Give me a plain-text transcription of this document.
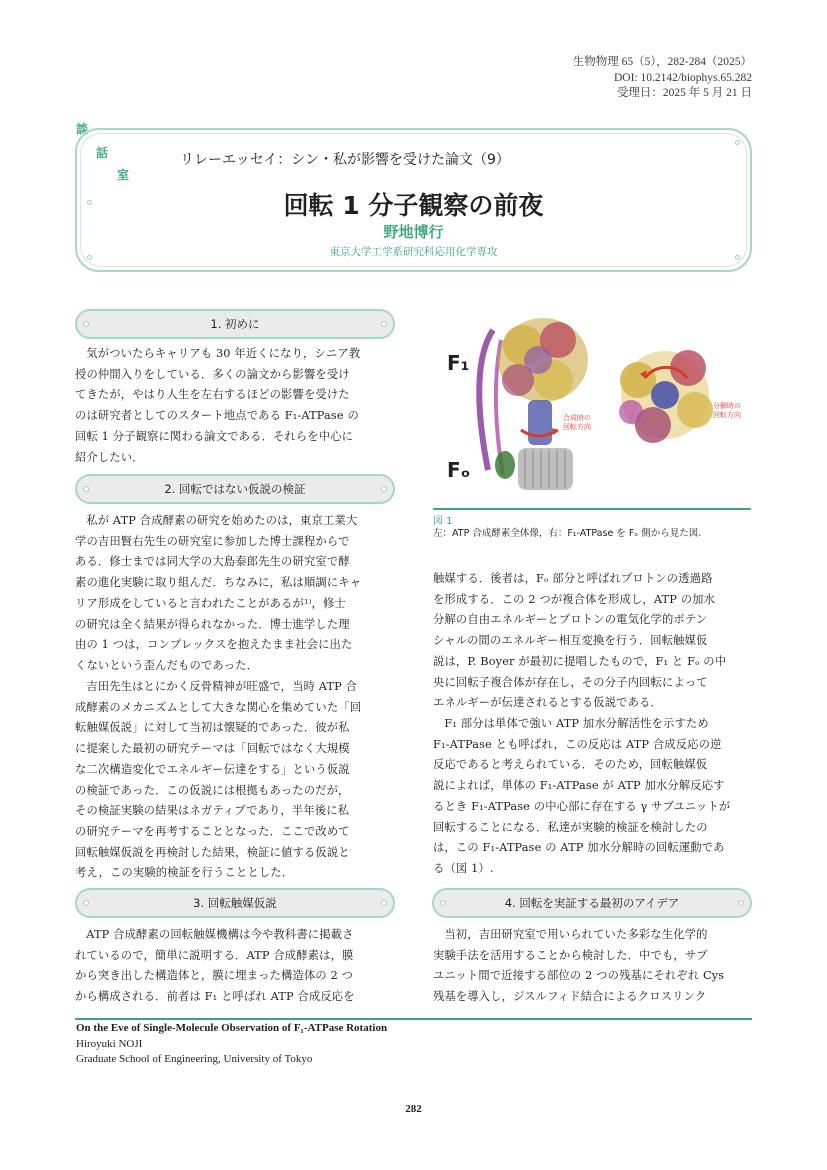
生物物理 65（5），282-284（2025）
DOI: 10.2142/biophys.65.282
受理日：2025 年 5 月 21 日
談
話
室
リレーエッセイ：シン・私が影響を受けた論文（9）
回転 1 分子観察の前夜
野地博行
東京大学工学系研究科応用化学専攻
1. 初めに
気がついたらキャリアも 30 年近くになり，シニア教
授の仲間入りをしている．多くの論文から影響を受け
てきたが，やはり人生を左右するほどの影響を受けた
のは研究者としてのスタート地点である F₁-ATPase の
回転 1 分子観察に関わる論文である．それらを中心に
紹介したい．
2. 回転ではない仮説の検証
私が ATP 合成酵素の研究を始めたのは，東京工業大
学の吉田賢右先生の研究室に参加した博士課程からで
ある．修士までは同大学の大島泰郎先生の研究室で酵
素の進化実験に取り組んだ．ちなみに，私は順調にキャ
リア形成をしていると言われたことがあるが¹⁾，修士
の研究は全く結果が得られなかった．博士進学した理
由の 1 つは，コンプレックスを抱えたまま社会に出た
くないという歪んだものであった．
吉田先生はとにかく反骨精神が旺盛で，当時 ATP 合
成酵素のメカニズムとして大きな関心を集めていた「回
転触媒仮説」に対して当初は懐疑的であった．彼が私
に提案した最初の研究テーマは「回転ではなく大規模
な二次構造変化でエネルギー伝達をする」という仮説
の検証であった．この仮説には根拠もあったのだが，
その検証実験の結果はネガティブであり，半年後に私
の研究テーマを再考することとなった．ここで改めて
回転触媒仮説を再検討した結果，検証に値する仮説と
考え，この実験的検証を行うこととした．
3. 回転触媒仮説
ATP 合成酵素の回転触媒機構は今や教科書に掲載さ
れているので，簡単に説明する．ATP 合成酵素は，膜
から突き出した構造体と，膜に埋まった構造体の 2 つ
から構成される．前者は F₁ と呼ばれ ATP 合成反応を
F₁
Fₒ
合成時の
回転方向
分解時の
回転方向
図 1
左：ATP 合成酵素全体像，右：F₁-ATPase を Fₒ 側から見た図.
触媒する．後者は，Fₒ 部分と呼ばれプロトンの透過路
を形成する．この 2 つが複合体を形成し，ATP の加水
分解の自由エネルギーとプロトンの電気化学的ポテン
シャルの間のエネルギー相互変換を行う．回転触媒仮
説は，P. Boyer が最初に提唱したもので，F₁ と Fₒ の中
央に回転子複合体が存在し，その分子内回転によって
エネルギーが伝達されるとする仮説である．
F₁ 部分は単体で強い ATP 加水分解活性を示すため
F₁-ATPase とも呼ばれ，この反応は ATP 合成反応の逆
反応であると考えられている．そのため，回転触媒仮
説によれば，単体の F₁-ATPase が ATP 加水分解反応す
るとき F₁-ATPase の中心部に存在する γ サブユニットが
回転することになる．私達が実験的検証を検討したの
は，この F₁-ATPase の ATP 加水分解時の回転運動であ
る（図 1）.
4. 回転を実証する最初のアイデア
当初，吉田研究室で用いられていた多彩な生化学的
実験手法を活用することから検討した．中でも，サブ
ユニット間で近接する部位の 2 つの残基にそれぞれ Cys
残基を導入し，ジスルフィド結合によるクロスリンク
On the Eve of Single-Molecule Observation of F₁-ATPase Rotation
Hiroyuki NOJI
Graduate School of Engineering, University of Tokyo
282
